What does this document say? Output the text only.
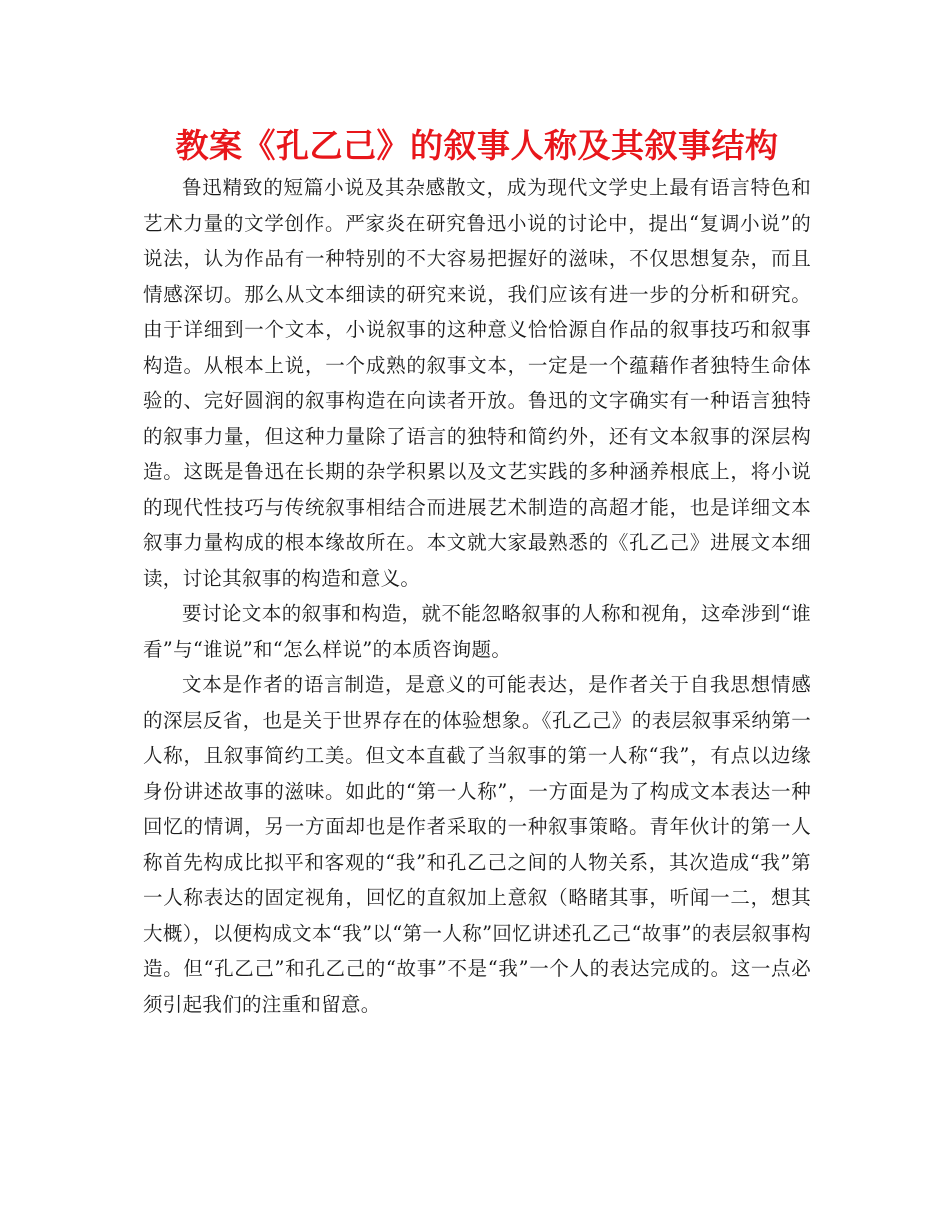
教案《孔乙己》的叙事人称及其叙事结构

鲁迅精致的短篇小说及其杂感散文，成为现代文学史上最有语言特色和艺术力量的文学创作。严家炎在研究鲁迅小说的讨论中，提出“复调小说”的说法，认为作品有一种特别的不大容易把握好的滋味，不仅思想复杂，而且情感深切。那么从文本细读的研究来说，我们应该有进一步的分析和研究。由于详细到一个文本，小说叙事的这种意义恰恰源自作品的叙事技巧和叙事构造。从根本上说，一个成熟的叙事文本，一定是一个蕴藉作者独特生命体验的、完好圆润的叙事构造在向读者开放。鲁迅的文字确实有一种语言独特的叙事力量，但这种力量除了语言的独特和简约外，还有文本叙事的深层构造。这既是鲁迅在长期的杂学积累以及文艺实践的多种涵养根底上，将小说的现代性技巧与传统叙事相结合而进展艺术制造的高超才能，也是详细文本叙事力量构成的根本缘故所在。本文就大家最熟悉的《孔乙己》进展文本细读，讨论其叙事的构造和意义。

要讨论文本的叙事和构造，就不能忽略叙事的人称和视角，这牵涉到“谁看”与“谁说”和“怎么样说”的本质咨询题。

文本是作者的语言制造，是意义的可能表达，是作者关于自我思想情感的深层反省，也是关于世界存在的体验想象。《孔乙己》的表层叙事采纳第一人称，且叙事简约工美。但文本直截了当叙事的第一人称“我”，有点以边缘身份讲述故事的滋味。如此的“第一人称”，一方面是为了构成文本表达一种回忆的情调，另一方面却也是作者采取的一种叙事策略。青年伙计的第一人称首先构成比拟平和客观的“我”和孔乙己之间的人物关系，其次造成“我”第一人称表达的固定视角，回忆的直叙加上意叙（略睹其事，听闻一二，想其大概），以便构成文本“我”以“第一人称”回忆讲述孔乙己“故事”的表层叙事构造。但“孔乙己”和孔乙己的“故事”不是“我”一个人的表达完成的。这一点必须引起我们的注重和留意。
